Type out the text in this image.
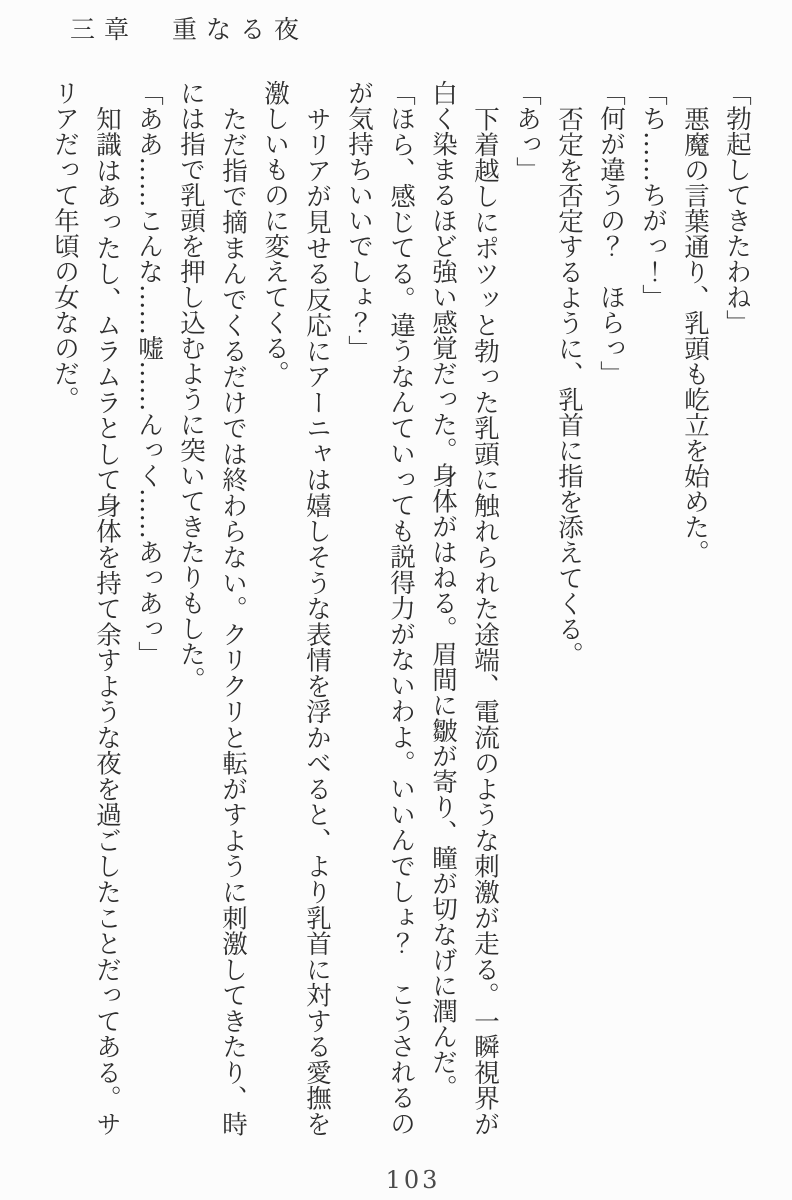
三章　重なる夜

「勃起してきたわね」

悪魔の言葉通り、乳頭も屹立を始めた。

「ち……ちがっ！」

「何が違うの？　ほらっ」

否定を否定するように、乳首に指を添えてくる。

「あっ」

下着越しにポツッと勃った乳頭に触れられた途端、電流のような刺激が走る。一瞬視界が白く染まるほど強い感覚だった。身体がはねる。眉間に皺が寄り、瞳が切なげに潤んだ。

「ほら、感じてる。違うなんていっても説得力がないわよ。いいんでしょ？　こうされるのが気持ちいいでしょ？」

サリアが見せる反応にアーニャは嬉しそうな表情を浮かべると、より乳首に対する愛撫を激しいものに変えてくる。

ただ指で摘まんでくるだけでは終わらない。クリクリと転がすように刺激してきたり、時には指で乳頭を押し込むように突いてきたりもした。

「ああ……こんな……嘘……んっく……あっあっ」

知識はあったし、ムラムラとして身体を持て余すような夜を過ごしたことだってある。サリアだって年頃の女なのだ。

103
